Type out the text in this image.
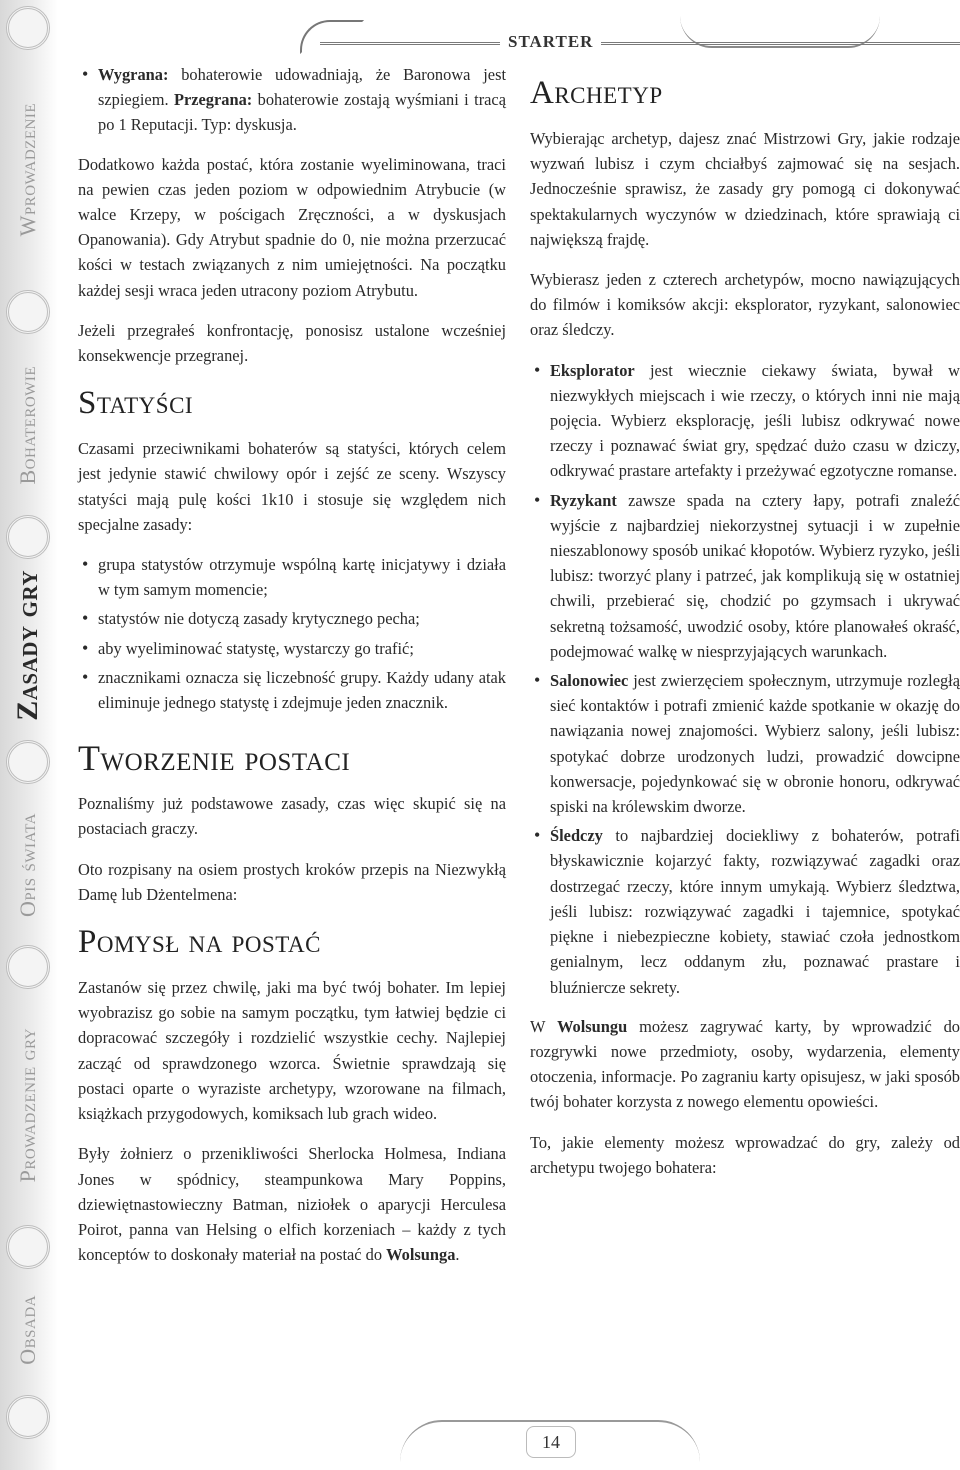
Wprowadzenie
Bohaterowie
Zasady gry
Opis świata
Prowadzenie gry
Obsada
STARTER
• Wygrana: bohaterowie udowadniają, że Baronowa jest szpiegiem. Przegrana: bohaterowie zostają wyśmiani i tracą po 1 Reputacji. Typ: dyskusja.

Dodatkowo każda postać, która zostanie wyeliminowana, traci na pewien czas jeden poziom w odpowiednim Atrybucie (w walce Krzepy, w pościgach Zręczności, a w dyskusjach Opanowania). Gdy Atrybut spadnie do 0, nie można przerzucać kości w testach związanych z nim umiejętności. Na początku każdej sesji wraca jeden utracony poziom Atrybutu.

Jeżeli przegrałeś konfrontację, ponosisz ustalone wcześniej konsekwencje przegranej.

Statyści

Czasami przeciwnikami bohaterów są statyści, których celem jest jedynie stawić chwilowy opór i zejść ze sceny. Wszyscy statyści mają pulę kości 1k10 i stosuje się względem nich specjalne zasady:

• grupa statystów otrzymuje wspólną kartę inicjatywy i działa w tym samym momencie;
• statystów nie dotyczą zasady krytycznego pecha;
• aby wyeliminować statystę, wystarczy go trafić;
• znacznikami oznacza się liczebność grupy. Każdy udany atak eliminuje jednego statystę i zdejmuje jeden znacznik.
Tworzenie postaci

Poznaliśmy już podstawowe zasady, czas więc skupić się na postaciach graczy.

Oto rozpisany na osiem prostych kroków przepis na Niezwykłą Damę lub Dżentelmena:

Pomysł na postać

Zastanów się przez chwilę, jaki ma być twój bohater. Im lepiej wyobrazisz go sobie na samym początku, tym łatwiej będzie ci dopracować szczegóły i rozdzielić wszystkie cechy. Najlepiej zacząć od sprawdzonego wzorca. Świetnie sprawdzają się postaci oparte o wyraziste archetypy, wzorowane na filmach, książkach przygodowych, komiksach lub grach wideo.

Były żołnierz o przenikliwości Sherlocka Holmesa, Indiana Jones w spódnicy, steampunkowa Mary Poppins, dziewiętnastowieczny Batman, niziołek o aparycji Herculesa Poirot, panna van Helsing o elfich korzeniach – każdy z tych konceptów to doskonały materiał na postać do Wolsunga.

Archetyp

Wybierając archetyp, dajesz znać Mistrzowi Gry, jakie rodzaje wyzwań lubisz i czym chciałbyś zajmować się na sesjach. Jednocześnie sprawisz, że zasady gry pomogą ci dokonywać spektakularnych wyczynów w dziedzinach, które sprawiają ci największą frajdę.

Wybierasz jeden z czterech archetypów, mocno nawiązujących do filmów i komiksów akcji: eksplorator, ryzykant, salonowiec oraz śledczy.

• Eksplorator jest wiecznie ciekawy świata, bywał w niezwykłych miejscach i wie rzeczy, o których inni nie mają pojęcia. Wybierz eksplorację, jeśli lubisz odkrywać nowe rzeczy i poznawać świat gry, spędzać dużo czasu w dziczy, odkrywać prastare artefakty i przeżywać egzotyczne romanse.
• Ryzykant zawsze spada na cztery łapy, potrafi znaleźć wyjście z najbardziej niekorzystnej sytuacji i w zupełnie nieszablonowy sposób unikać kłopotów. Wybierz ryzyko, jeśli lubisz: tworzyć plany i patrzeć, jak komplikują się w ostatniej chwili, przebierać się, chodzić po gzymsach i ukrywać sekretną tożsamość, uwodzić osoby, które planowałeś okraść, podejmować walkę w niesprzyjających warunkach.
• Salonowiec jest zwierzęciem społecznym, utrzymuje rozległą sieć kontaktów i potrafi zmienić każde spotkanie w okazję do nawiązania nowej znajomości. Wybierz salony, jeśli lubisz: spotykać dobrze urodzonych ludzi, prowadzić dowcipne konwersacje, pojedynkować się w obronie honoru, odkrywać spiski na królewskim dworze.
• Śledczy to najbardziej dociekliwy z bohaterów, potrafi błyskawicznie kojarzyć fakty, rozwiązywać zagadki oraz dostrzegać rzeczy, które innym umykają. Wybierz śledztwa, jeśli lubisz: rozwiązywać zagadki i tajemnice, spotykać piękne i niebezpieczne kobiety, stawiać czoła jednostkom genialnym, lecz oddanym złu, poznawać prastare i bluźniercze sekrety.

W Wolsungu możesz zagrywać karty, by wprowadzić do rozgrywki nowe przedmioty, osoby, wydarzenia, elementy otoczenia, informacje. Po zagraniu karty opisujesz, w jaki sposób twój bohater korzysta z nowego elementu opowieści.

To, jakie elementy możesz wprowadzać do gry, zależy od archetypu twojego bohatera:

14
